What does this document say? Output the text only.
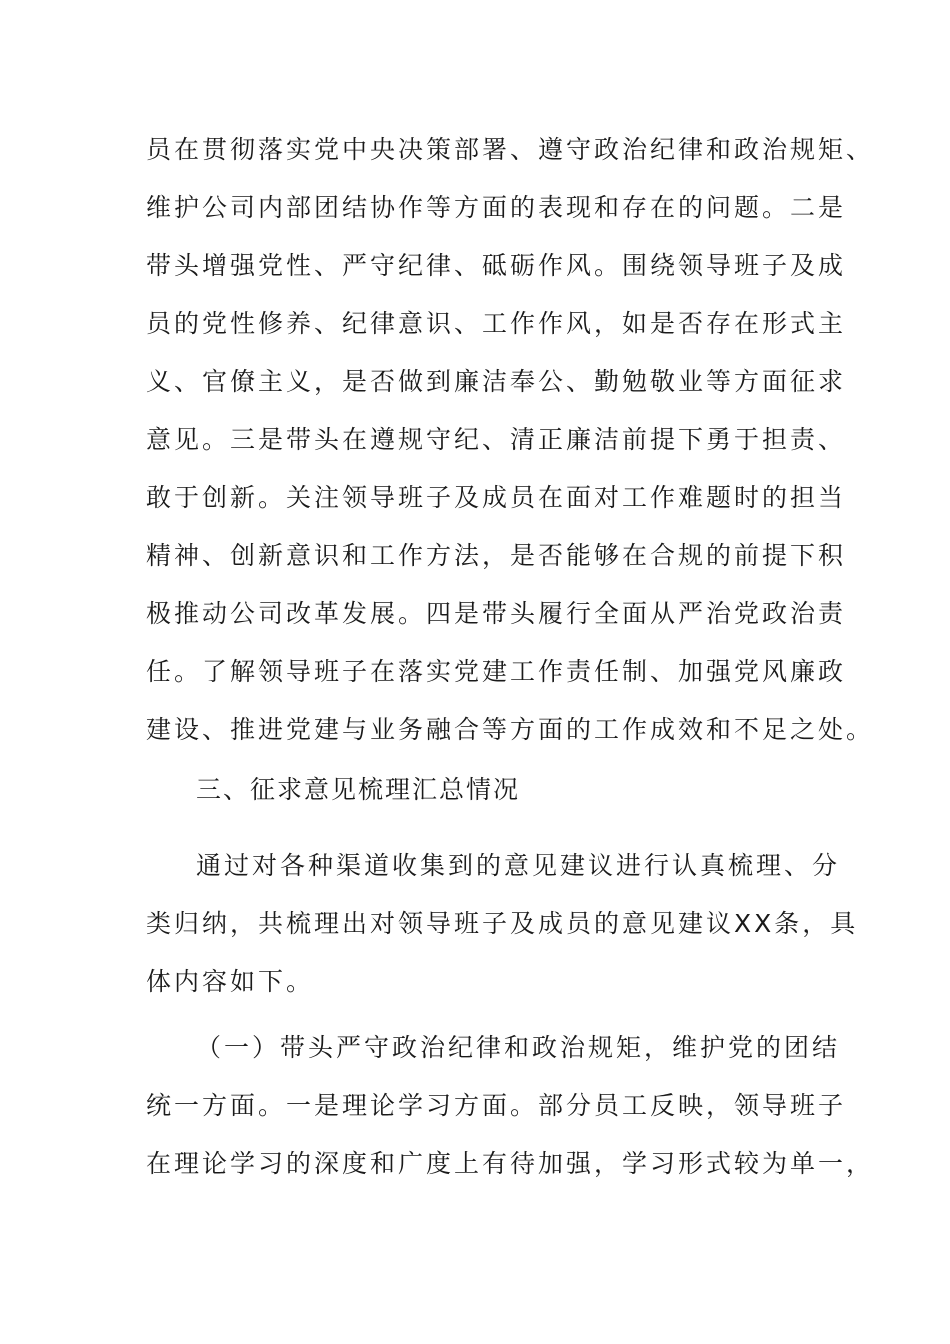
员在贯彻落实党中央决策部署、遵守政治纪律和政治规矩、
维护公司内部团结协作等方面的表现和存在的问题。二是
带头增强党性、严守纪律、砥砺作风。围绕领导班子及成
员的党性修养、纪律意识、工作作风，如是否存在形式主
义、官僚主义，是否做到廉洁奉公、勤勉敬业等方面征求
意见。三是带头在遵规守纪、清正廉洁前提下勇于担责、
敢于创新。关注领导班子及成员在面对工作难题时的担当
精神、创新意识和工作方法，是否能够在合规的前提下积
极推动公司改革发展。四是带头履行全面从严治党政治责
任。了解领导班子在落实党建工作责任制、加强党风廉政
建设、推进党建与业务融合等方面的工作成效和不足之处。
三、征求意见梳理汇总情况
通过对各种渠道收集到的意见建议进行认真梳理、分
类归纳，共梳理出对领导班子及成员的意见建议XX条，具
体内容如下。
（一）带头严守政治纪律和政治规矩，维护党的团结
统一方面。一是理论学习方面。部分员工反映，领导班子
在理论学习的深度和广度上有待加强，学习形式较为单一，
